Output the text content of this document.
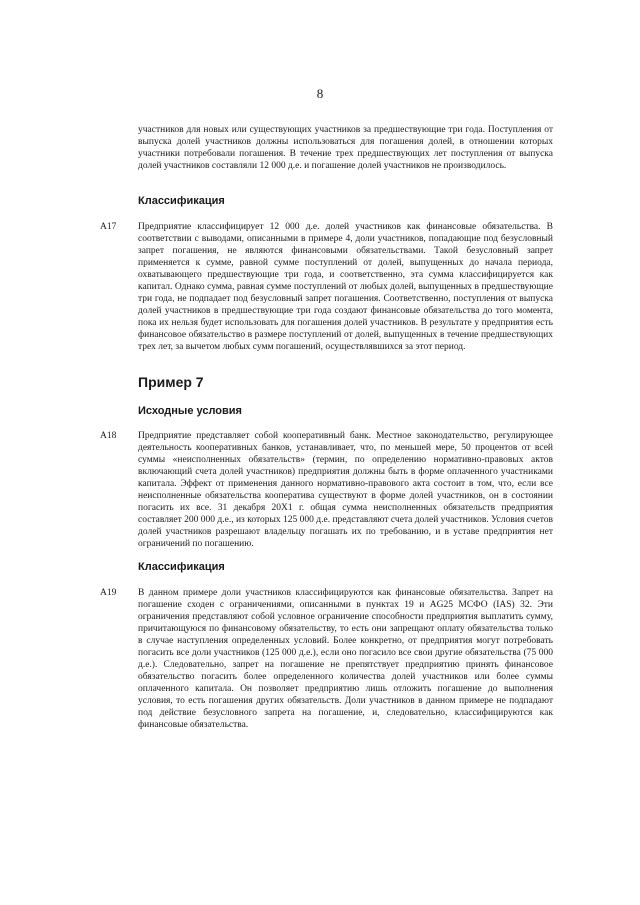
8
участников для новых или существующих участников за предшествующие три года. Поступления от выпуска долей участников должны использоваться для погашения долей, в отношении которых участники потребовали погашения. В течение трех предшествующих лет поступления от выпуска долей участников составляли 12 000 д.е. и погашение долей участников не производилось.
Классификация
A17 Предприятие классифицирует 12 000 д.е. долей участников как финансовые обязательства. В соответствии с выводами, описанными в примере 4, доли участников, попадающие под безусловный запрет погашения, не являются финансовыми обязательствами. Такой безусловный запрет применяется к сумме, равной сумме поступлений от долей, выпущенных до начала периода, охватывающего предшествующие три года, и соответственно, эта сумма классифицируется как капитал. Однако сумма, равная сумме поступлений от любых долей, выпущенных в предшествующие три года, не подпадает под безусловный запрет погашения. Соответственно, поступления от выпуска долей участников в предшествующие три года создают финансовые обязательства до того момента, пока их нельзя будет использовать для погашения долей участников. В результате у предприятия есть финансовое обязательство в размере поступлений от долей, выпущенных в течение предшествующих трех лет, за вычетом любых сумм погашений, осуществлявшихся за этот период.
Пример 7
Исходные условия
A18 Предприятие представляет собой кооперативный банк. Местное законодательство, регулирующее деятельность кооперативных банков, устанавливает, что, по меньшей мере, 50 процентов от всей суммы «неисполненных обязательств» (термин, по определению нормативно-правовых актов включающий счета долей участников) предприятия должны быть в форме оплаченного участниками капитала. Эффект от применения данного нормативно-правового акта состоит в том, что, если все неисполненные обязательства кооператива существуют в форме долей участников, он в состоянии погасить их все. 31 декабря 20X1 г. общая сумма неисполненных обязательств предприятия составляет 200 000 д.е., из которых 125 000 д.е. представляют счета долей участников. Условия счетов долей участников разрешают владельцу погашать их по требованию, и в уставе предприятия нет ограничений по погашению.
Классификация
A19 В данном примере доли участников классифицируются как финансовые обязательства. Запрет на погашение сходен с ограничениями, описанными в пунктах 19 и AG25 МСФО (IAS) 32. Эти ограничения представляют собой условное ограничение способности предприятия выплатить сумму, причитающуюся по финансовому обязательству, то есть они запрещают оплату обязательства только в случае наступления определенных условий. Более конкретно, от предприятия могут потребовать погасить все доли участников (125 000 д.е.), если оно погасило все свои другие обязательства (75 000 д.е.). Следовательно, запрет на погашение не препятствует предприятию принять финансовое обязательство погасить более определенного количества долей участников или более суммы оплаченного капитала. Он позволяет предприятию лишь отложить погашение до выполнения условия, то есть погашения других обязательств. Доли участников в данном примере не подпадают под действие безусловного запрета на погашение, и, следовательно, классифицируются как финансовые обязательства.
